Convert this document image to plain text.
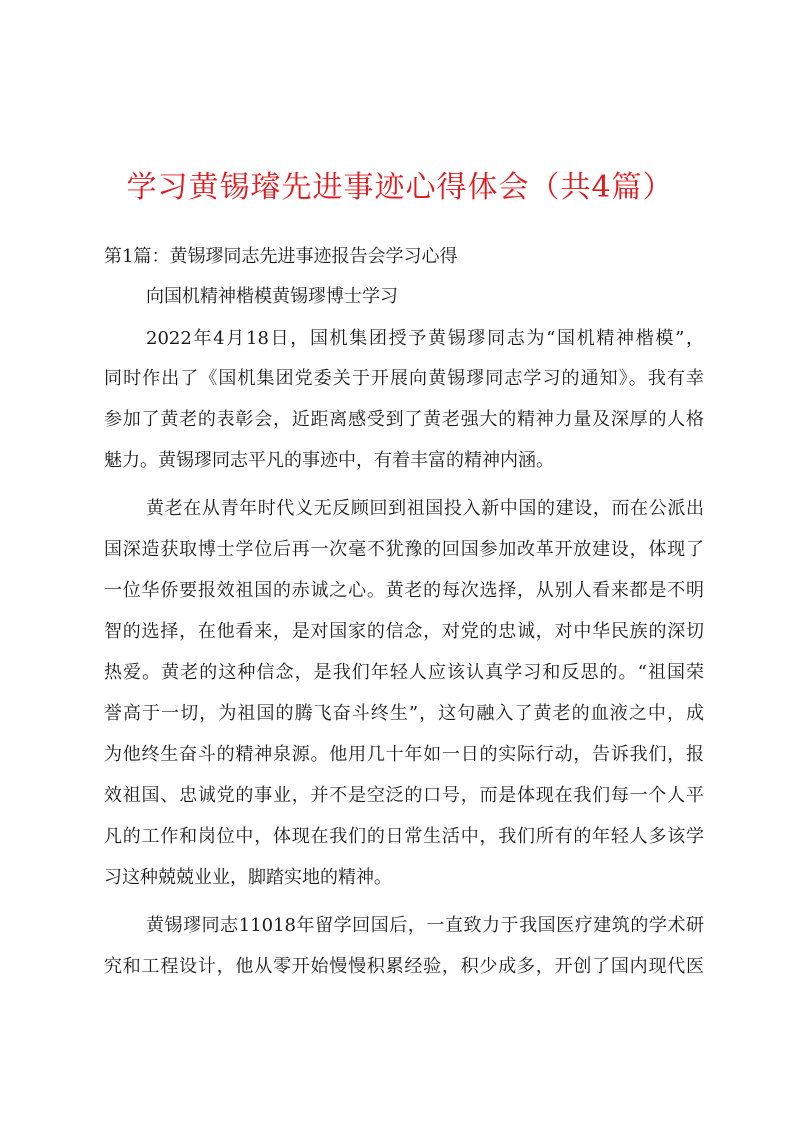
学习黄锡璿先进事迹心得体会（共4篇）
第1篇：黄锡璆同志先进事迹报告会学习心得
向国机精神楷模黄锡璆博士学习
2022年4月18日，国机集团授予黄锡璆同志为“国机精神楷模”，
同时作出了《国机集团党委关于开展向黄锡璆同志学习的通知》。我有幸
参加了黄老的表彰会，近距离感受到了黄老强大的精神力量及深厚的人格
魅力。黄锡璆同志平凡的事迹中，有着丰富的精神内涵。
黄老在从青年时代义无反顾回到祖国投入新中国的建设，而在公派出
国深造获取博士学位后再一次毫不犹豫的回国参加改革开放建设，体现了
一位华侨要报效祖国的赤诚之心。黄老的每次选择，从别人看来都是不明
智的选择，在他看来，是对国家的信念，对党的忠诚，对中华民族的深切
热爱。黄老的这种信念，是我们年轻人应该认真学习和反思的。“祖国荣
誉高于一切，为祖国的腾飞奋斗终生”，这句融入了黄老的血液之中，成
为他终生奋斗的精神泉源。他用几十年如一日的实际行动，告诉我们，报
效祖国、忠诚党的事业，并不是空泛的口号，而是体现在我们每一个人平
凡的工作和岗位中，体现在我们的日常生活中，我们所有的年轻人多该学
习这种兢兢业业，脚踏实地的精神。
黄锡璆同志11018年留学回国后，一直致力于我国医疗建筑的学术研
究和工程设计，他从零开始慢慢积累经验，积少成多，开创了国内现代医
